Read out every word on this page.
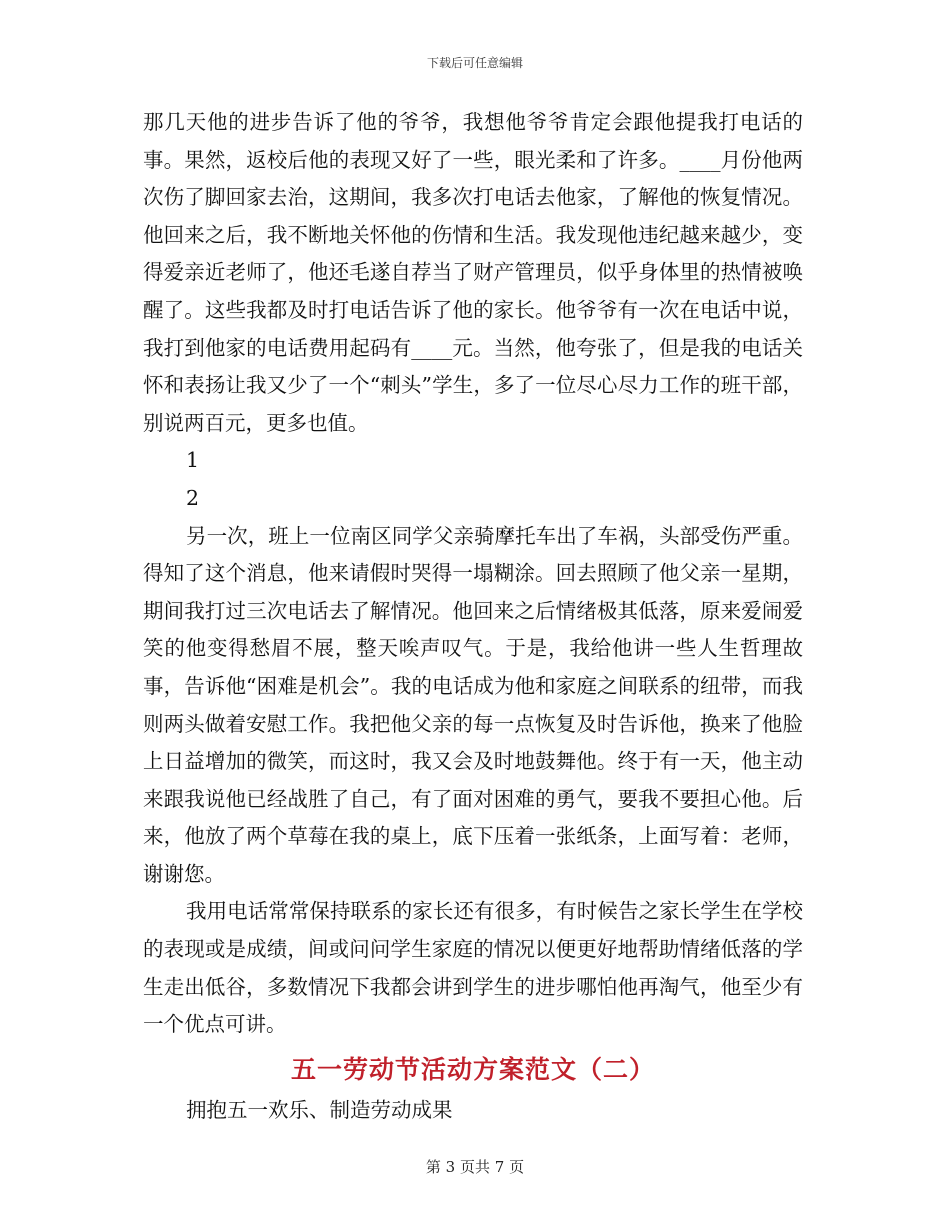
下载后可任意编辑

那几天他的进步告诉了他的爷爷，我想他爷爷肯定会跟他提我打电话的事。果然，返校后他的表现又好了一些，眼光柔和了许多。____月份他两次伤了脚回家去治，这期间，我多次打电话去他家，了解他的恢复情况。他回来之后，我不断地关怀他的伤情和生活。我发现他违纪越来越少，变得爱亲近老师了，他还毛遂自荐当了财产管理员，似乎身体里的热情被唤醒了。这些我都及时打电话告诉了他的家长。他爷爷有一次在电话中说，我打到他家的电话费用起码有____元。当然，他夸张了，但是我的电话关怀和表扬让我又少了一个“刺头”学生，多了一位尽心尽力工作的班干部，别说两百元，更多也值。

1

2

另一次，班上一位南区同学父亲骑摩托车出了车祸，头部受伤严重。得知了这个消息，他来请假时哭得一塌糊涂。回去照顾了他父亲一星期，期间我打过三次电话去了解情况。他回来之后情绪极其低落，原来爱闹爱笑的他变得愁眉不展，整天唉声叹气。于是，我给他讲一些人生哲理故事，告诉他“困难是机会”。我的电话成为他和家庭之间联系的纽带，而我则两头做着安慰工作。我把他父亲的每一点恢复及时告诉他，换来了他脸上日益增加的微笑，而这时，我又会及时地鼓舞他。终于有一天，他主动来跟我说他已经战胜了自己，有了面对困难的勇气，要我不要担心他。后来，他放了两个草莓在我的桌上，底下压着一张纸条，上面写着：老师，谢谢您。

我用电话常常保持联系的家长还有很多，有时候告之家长学生在学校的表现或是成绩，间或问问学生家庭的情况以便更好地帮助情绪低落的学生走出低谷，多数情况下我都会讲到学生的进步哪怕他再淘气，他至少有一个优点可讲。

五一劳动节活动方案范文（二）

拥抱五一欢乐、制造劳动成果

第 3 页共 7 页
